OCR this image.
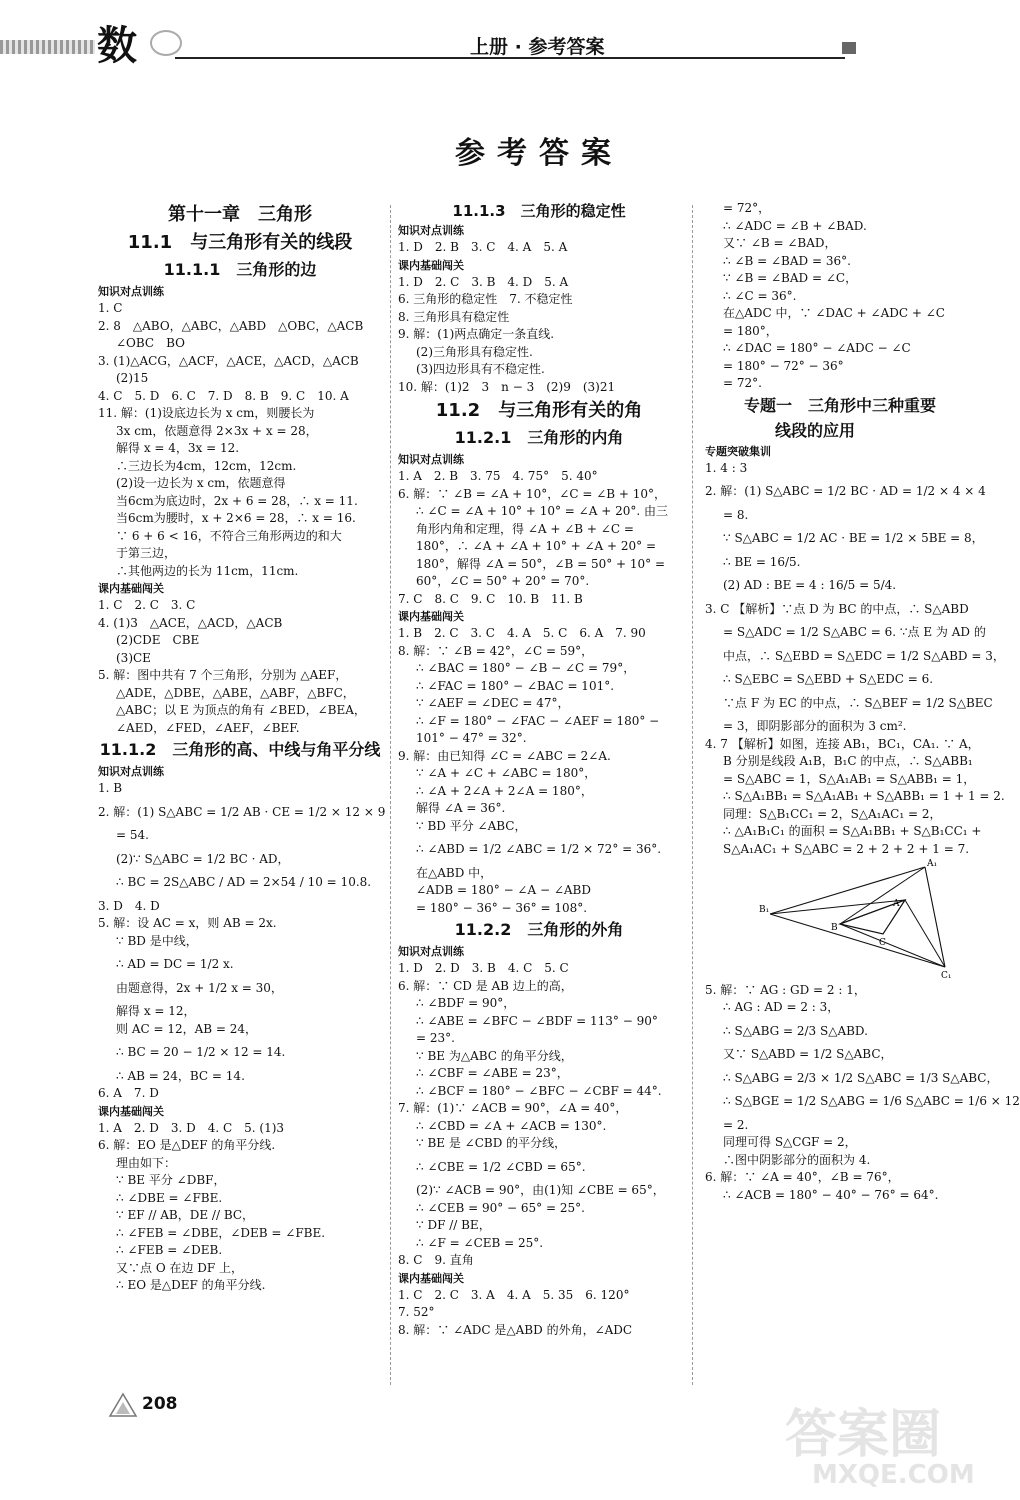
数	上册 · 参考答案
参考答案
第十一章　三角形
11.1　与三角形有关的线段
11.1.1　三角形的边
知识对点训练
1. C
2. 8　△ABO，△ABC，△ABD　△OBC，△ACB
∠OBC　BO
3. (1)△ACG，△ACF，△ACE，△ACD，△ACB
(2)15
4. C　5. D　6. C　7. D　8. B　9. C　10. A
11. 解：(1)设底边长为 x cm，则腰长为
3x cm，依题意得 2×3x + x = 28，
解得 x = 4，3x = 12.
∴三边长为4cm，12cm，12cm.
(2)设一边长为 x cm，依题意得
当6cm为底边时，2x + 6 = 28，∴ x = 11.
当6cm为腰时，x + 2×6 = 28，∴ x = 16.
∵ 6 + 6 < 16，不符合三角形两边的和大
于第三边，
∴其他两边的长为 11cm，11cm.
课内基础闯关
1. C　2. C　3. C
4. (1)3　△ACE，△ACD，△ACB
(2)CDE　CBE
(3)CE
5. 解：图中共有 7 个三角形，分别为 △AEF，
△ADE，△DBE，△ABE，△ABF，△BFC，
△ABC；以 E 为顶点的角有 ∠BED，∠BEA，
∠AED，∠FED，∠AEF，∠BEF.
11.1.2　三角形的高、中线与角平分线
知识对点训练
1. B
2. 解：(1) S△ABC = 1/2 AB · CE = 1/2 × 12 × 9
= 54.
(2)∵ S△ABC = 1/2 BC · AD，
∴ BC = 2S△ABC / AD = 2×54 / 10 = 10.8.
3. D　4. D
5. 解：设 AC = x，则 AB = 2x.
∵ BD 是中线，
∴ AD = DC = 1/2 x.
由题意得，2x + 1/2 x = 30，
解得 x = 12，
则 AC = 12，AB = 24，
∴ BC = 20 − 1/2 × 12 = 14.
∴ AB = 24，BC = 14.
6. A　7. D
课内基础闯关
1. A　2. D　3. D　4. C　5. (1)3
6. 解：EO 是△DEF 的角平分线.
理由如下：
∵ BE 平分 ∠DBF，
∴ ∠DBE = ∠FBE.
∵ EF // AB，DE // BC，
∴ ∠FEB = ∠DBE，∠DEB = ∠FBE.
∴ ∠FEB = ∠DEB.
又∵点 O 在边 DF 上，
∴ EO 是△DEF 的角平分线.
11.1.3　三角形的稳定性
知识对点训练
1. D　2. B　3. C　4. A　5. A
课内基础闯关
1. D　2. C　3. B　4. D　5. A
6. 三角形的稳定性　7. 不稳定性
8. 三角形具有稳定性
9. 解：(1)两点确定一条直线.
(2)三角形具有稳定性.
(3)四边形具有不稳定性.
10. 解：(1)2　3　n − 3　(2)9　(3)21
11.2　与三角形有关的角
11.2.1　三角形的内角
知识对点训练
1. A　2. B　3. 75　4. 75°　5. 40°
6. 解：∵ ∠B = ∠A + 10°，∠C = ∠B + 10°，
∴ ∠C = ∠A + 10° + 10° = ∠A + 20°. 由三
角形内角和定理，得 ∠A + ∠B + ∠C =
180°，∴ ∠A + ∠A + 10° + ∠A + 20° =
180°，解得 ∠A = 50°，∠B = 50° + 10° =
60°，∠C = 50° + 20° = 70°.
7. C　8. C　9. C　10. B　11. B
课内基础闯关
1. B　2. C　3. C　4. A　5. C　6. A　7. 90
8. 解：∵ ∠B = 42°，∠C = 59°，
∴ ∠BAC = 180° − ∠B − ∠C = 79°，
∴ ∠FAC = 180° − ∠BAC = 101°.
∵ ∠AEF = ∠DEC = 47°，
∴ ∠F = 180° − ∠FAC − ∠AEF = 180° −
101° − 47° = 32°.
9. 解：由已知得 ∠C = ∠ABC = 2∠A.
∵ ∠A + ∠C + ∠ABC = 180°，
∴ ∠A + 2∠A + 2∠A = 180°，
解得 ∠A = 36°.
∵ BD 平分 ∠ABC，
∴ ∠ABD = 1/2 ∠ABC = 1/2 × 72° = 36°.
在△ABD 中，
∠ADB = 180° − ∠A − ∠ABD
= 180° − 36° − 36° = 108°.
11.2.2　三角形的外角
知识对点训练
1. D　2. D　3. B　4. C　5. C
6. 解：∵ CD 是 AB 边上的高，
∴ ∠BDF = 90°，
∴ ∠ABE = ∠BFC − ∠BDF = 113° − 90°
= 23°.
∵ BE 为△ABC 的角平分线，
∴ ∠CBF = ∠ABE = 23°，
∴ ∠BCF = 180° − ∠BFC − ∠CBF = 44°.
7. 解：(1)∵ ∠ACB = 90°，∠A = 40°，
∴ ∠CBD = ∠A + ∠ACB = 130°.
∵ BE 是 ∠CBD 的平分线，
∴ ∠CBE = 1/2 ∠CBD = 65°.
(2)∵ ∠ACB = 90°，由(1)知 ∠CBE = 65°，
∴ ∠CEB = 90° − 65° = 25°.
∵ DF // BE，
∴ ∠F = ∠CEB = 25°.
8. C　9. 直角
课内基础闯关
1. C　2. C　3. A　4. A　5. 35　6. 120°
7. 52°
8. 解：∵ ∠ADC 是△ABD 的外角，∠ADC
= 72°，
∴ ∠ADC = ∠B + ∠BAD.
又∵ ∠B = ∠BAD，
∴ ∠B = ∠BAD = 36°.
∵ ∠B = ∠BAD = ∠C，
∴ ∠C = 36°.
在△ADC 中，∵ ∠DAC + ∠ADC + ∠C
= 180°，
∴ ∠DAC = 180° − ∠ADC − ∠C
= 180° − 72° − 36°
= 72°.
专题一　三角形中三种重要
线段的应用
专题突破集训
1. 4 : 3
2. 解：(1) S△ABC = 1/2 BC · AD = 1/2 × 4 × 4
= 8.
∵ S△ABC = 1/2 AC · BE = 1/2 × 5BE = 8，
∴ BE = 16/5.
(2) AD : BE = 4 : 16/5 = 5/4.
3. C 【解析】∵点 D 为 BC 的中点，∴ S△ABD
= S△ADC = 1/2 S△ABC = 6. ∵点 E 为 AD 的
中点，∴ S△EBD = S△EDC = 1/2 S△ABD = 3，
∴ S△EBC = S△EBD + S△EDC = 6.
∵点 F 为 EC 的中点，∴ S△BEF = 1/2 S△BEC
= 3，即阴影部分的面积为 3 cm².
4. 7 【解析】如图，连接 AB₁，BC₁，CA₁. ∵ A，
B 分别是线段 A₁B，B₁C 的中点，∴ S△ABB₁
= S△ABC = 1，S△A₁AB₁ = S△ABB₁ = 1，
∴ S△A₁BB₁ = S△A₁AB₁ + S△ABB₁ = 1 + 1 = 2.
同理：S△B₁CC₁ = 2，S△A₁AC₁ = 2，
∴ △A₁B₁C₁ 的面积 = S△A₁BB₁ + S△B₁CC₁ +
S△A₁AC₁ + S△ABC = 2 + 2 + 2 + 1 = 7.
A₁
B₁
C₁
A
B
C
5. 解：∵ AG : GD = 2 : 1，
∴ AG : AD = 2 : 3，
∴ S△ABG = 2/3 S△ABD.
又∵ S△ABD = 1/2 S△ABC，
∴ S△ABG = 2/3 × 1/2 S△ABC = 1/3 S△ABC，
∴ S△BGE = 1/2 S△ABG = 1/6 S△ABC = 1/6 × 12
= 2.
同理可得 S△CGF = 2，
∴图中阴影部分的面积为 4.
6. 解：∵ ∠A = 40°，∠B = 76°，
∴ ∠ACB = 180° − 40° − 76° = 64°.
208
答案圈
MXQE.COM
